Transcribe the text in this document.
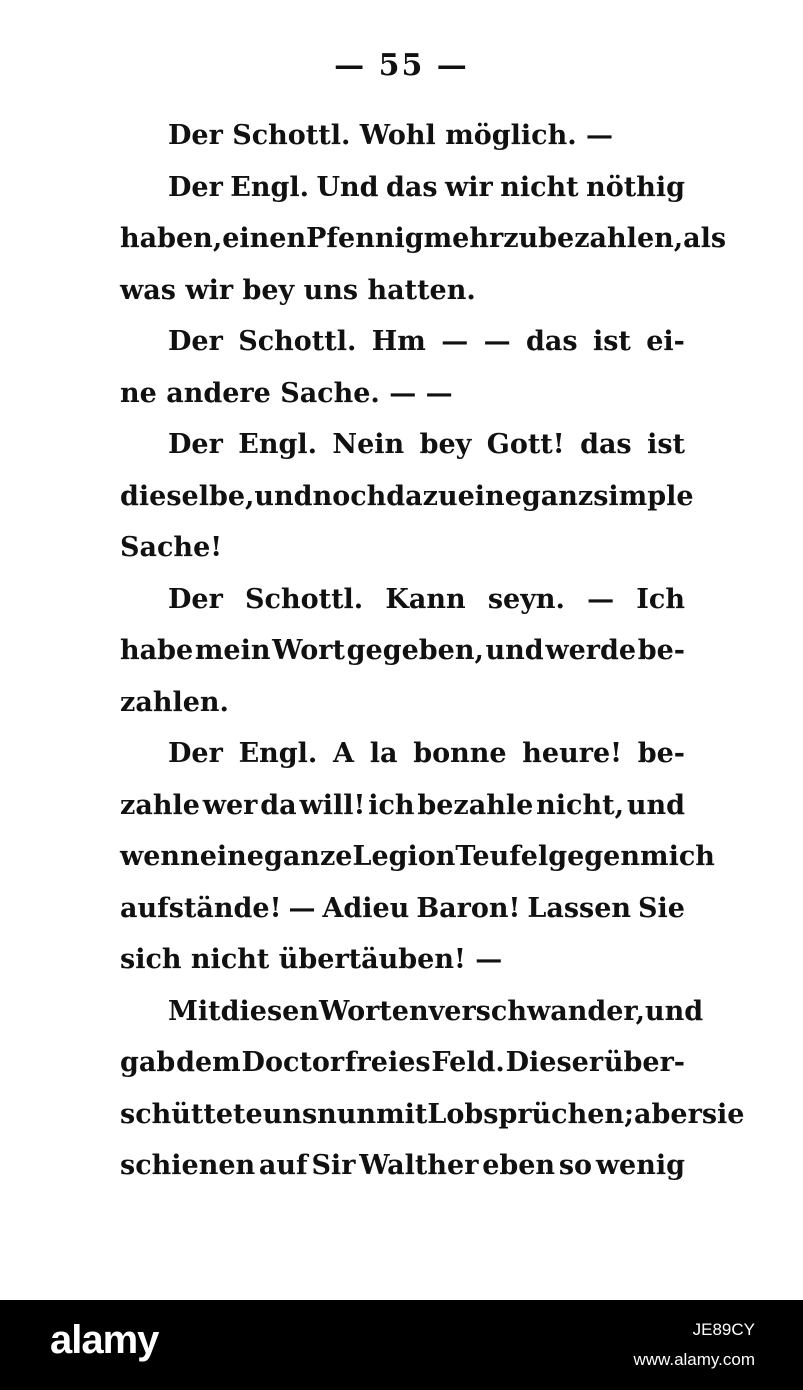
— 55 —
Der Schottl. Wohl möglich. —
Der Engl. Und das wir nicht nöthig
haben, einen Pfennig mehr zu bezahlen, als
was wir bey uns hatten.
Der Schottl. Hm — — das ist ei-
ne andere Sache. — —
Der Engl. Nein bey Gott! das ist
dieselbe, und noch dazu eine ganz simple
Sache!
Der Schottl. Kann seyn. — Ich
habe mein Wort gegeben, und werde be-
zahlen.
Der Engl. A la bonne heure! be-
zahle wer da will! ich bezahle nicht, und
wenn eine ganze Legion Teufel gegen mich
aufstände! — Adieu Baron! Lassen Sie
sich nicht übertäuben! —
Mit diesen Worten verschwand er, und
gab dem Doctor freies Feld. Dieser über-
schüttete uns nun mit Lobsprüchen; aber sie
schienen auf Sir Walther eben so wenig
alamy	JE89CY
www.alamy.com
